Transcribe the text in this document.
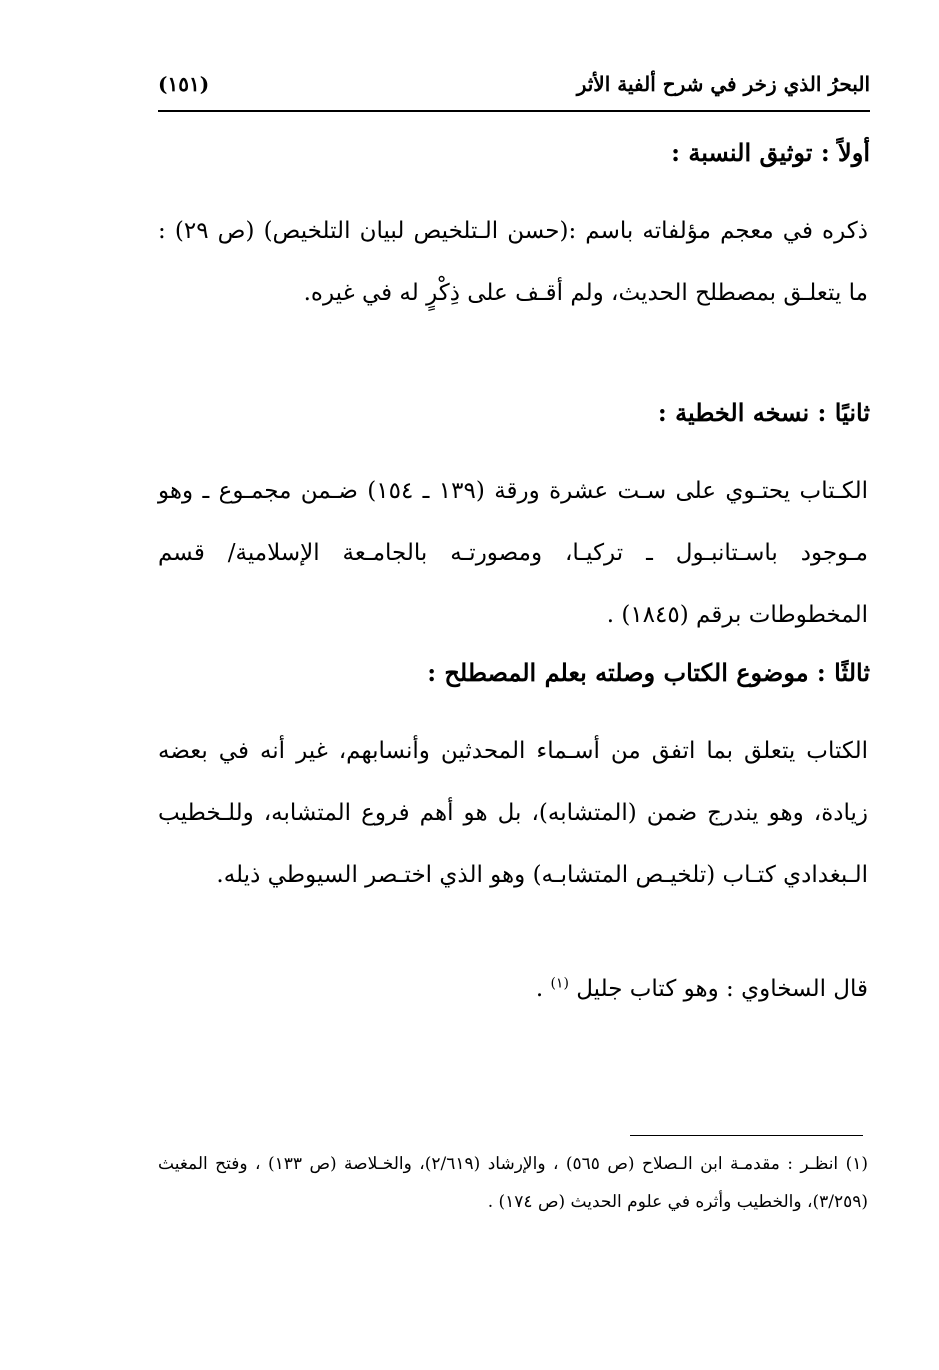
البحرُ الذي زخر في شرح ألفية الأثر
(١٥١)
أولاً : توثيق النسبة :
ذكره في معجم مؤلفاته باسم :(حسن الـتلخيص لبيان التلخيص) (ص ٢٩) : ما يتعلـق بمصطلح الحديث، ولم أقـف على ذِكْرٍ له في غيره.
ثانيًا : نسخه الخطية :
الكـتاب يحتـوي على سـت عشرة ورقة (١٣٩ ـ ١٥٤) ضـمن مجمـوع ـ وهو مـوجود باسـتانبـول ـ تركيـا، ومصورتـه بالجامـعة الإسلامية/ قسم المخطوطات برقم (١٨٤٥) .
ثالثًا : موضوع الكتاب وصلته بعلم المصطلح :
الكتاب يتعلق بما اتفق من أسـماء المحدثين وأنسابهم، غير أنه في بعضه زيادة، وهو يندرج ضمن (المتشابه)، بل هو أهم فروع المتشابه، وللـخطيب الـبغدادي كتـاب (تلخيـص المتشابـه) وهو الذي اختـصر السيوطي ذيله.
قال السخاوي : وهو كتاب جليل $^{(١)}$ .
(١) انظـر : مقدمـة ابن الـصلاح (ص ٥٦٥) ، والإرشاد (٢/٦١٩)، والخـلاصة (ص ١٣٣) ، وفتح المغيث (٣/٢٥٩)، والخطيب وأثره في علوم الحديث (ص ١٧٤) .
